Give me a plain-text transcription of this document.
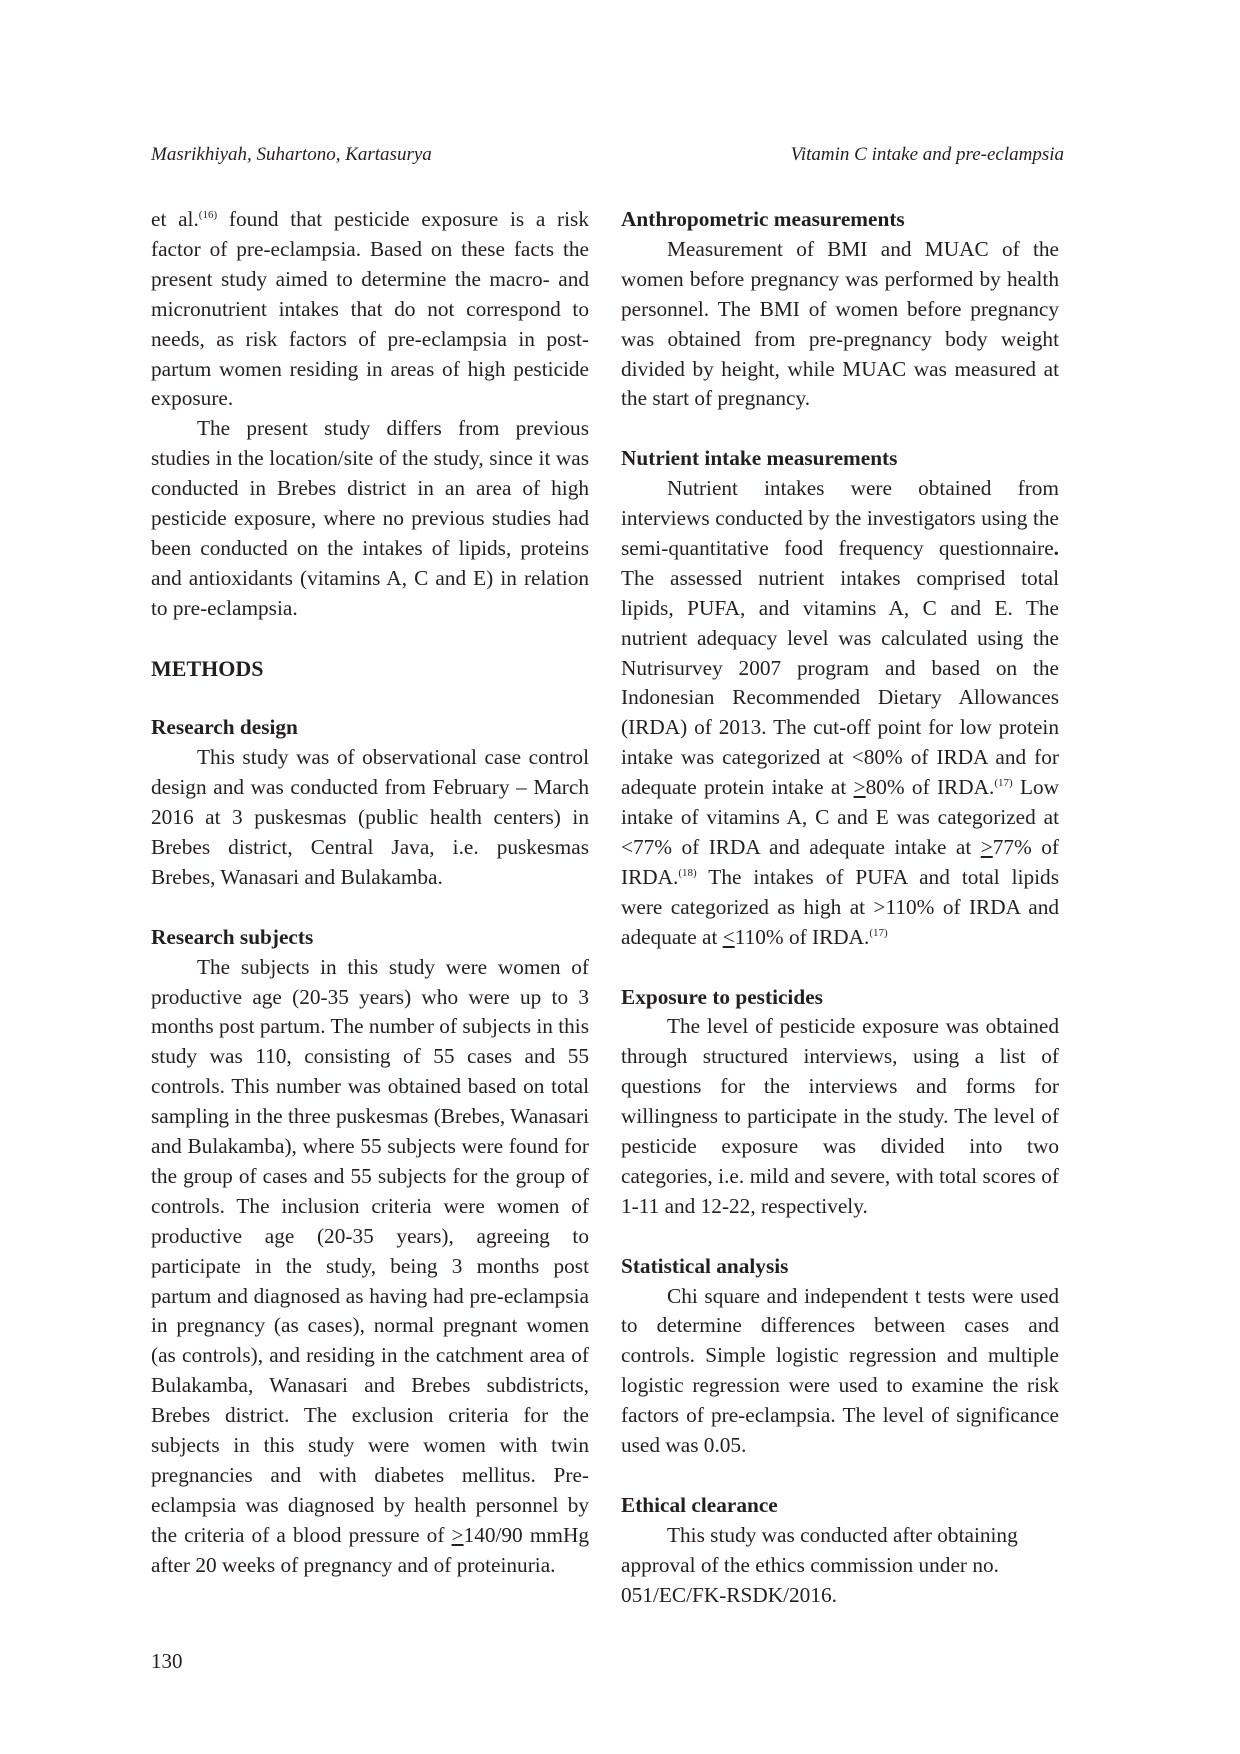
Masrikhiyah, Suhartono, Kartasurya	Vitamin C intake and pre-eclampsia

et al.$^{(16)}$ found that pesticide exposure is a risk factor of pre-eclampsia. Based on these facts the present study aimed to determine the macro- and micronutrient intakes that do not correspond to needs, as risk factors of pre-eclampsia in post-partum women residing in areas of high pesticide exposure.

The present study differs from previous studies in the location/site of the study, since it was conducted in Brebes district in an area of high pesticide exposure, where no previous studies had been conducted on the intakes of lipids, proteins and antioxidants (vitamins A, C and E) in relation to pre-eclampsia.

METHODS
Research design

This study was of observational case control design and was conducted from February – March 2016 at 3 puskesmas (public health centers) in Brebes district, Central Java, i.e. puskesmas Brebes, Wanasari and Bulakamba.

Research subjects

The subjects in this study were women of productive age (20-35 years) who were up to 3 months post partum. The number of subjects in this study was 110, consisting of 55 cases and 55 controls. This number was obtained based on total sampling in the three puskesmas (Brebes, Wanasari and Bulakamba), where 55 subjects were found for the group of cases and 55 subjects for the group of controls. The inclusion criteria were women of productive age (20-35 years), agreeing to participate in the study, being 3 months post partum and diagnosed as having had pre-eclampsia in pregnancy (as cases), normal pregnant women (as controls), and residing in the catchment area of Bulakamba, Wanasari and Brebes subdistricts, Brebes district. The exclusion criteria for the subjects in this study were women with twin pregnancies and with diabetes mellitus. Pre-eclampsia was diagnosed by health personnel by the criteria of a blood pressure of >140/90 mmHg after 20 weeks of pregnancy and of proteinuria.

Anthropometric measurements

Measurement of BMI and MUAC of the women before pregnancy was performed by health personnel. The BMI of women before pregnancy was obtained from pre-pregnancy body weight divided by height, while MUAC was measured at the start of pregnancy.

Nutrient intake measurements

Nutrient intakes were obtained from interviews conducted by the investigators using the semi-quantitative food frequency questionnaire. The assessed nutrient intakes comprised total lipids, PUFA, and vitamins A, C and E. The nutrient adequacy level was calculated using the Nutrisurvey 2007 program and based on the Indonesian Recommended Dietary Allowances (IRDA) of 2013. The cut-off point for low protein intake was categorized at <80% of IRDA and for adequate protein intake at >80% of IRDA.$^{(17)}$ Low intake of vitamins A, C and E was categorized at <77% of IRDA and adequate intake at >77% of IRDA.$^{(18)}$ The intakes of PUFA and total lipids were categorized as high at >110% of IRDA and adequate at <110% of IRDA.$^{(17)}$

Exposure to pesticides

The level of pesticide exposure was obtained through structured interviews, using a list of questions for the interviews and forms for willingness to participate in the study. The level of pesticide exposure was divided into two categories, i.e. mild and severe, with total scores of 1-11 and 12-22, respectively.

Statistical analysis

Chi square and independent t tests were used to determine differences between cases and controls. Simple logistic regression and multiple logistic regression were used to examine the risk factors of pre-eclampsia. The level of significance used was 0.05.

Ethical clearance

This study was conducted after obtaining approval of the ethics commission under no. 051/EC/FK-RSDK/2016.

130
